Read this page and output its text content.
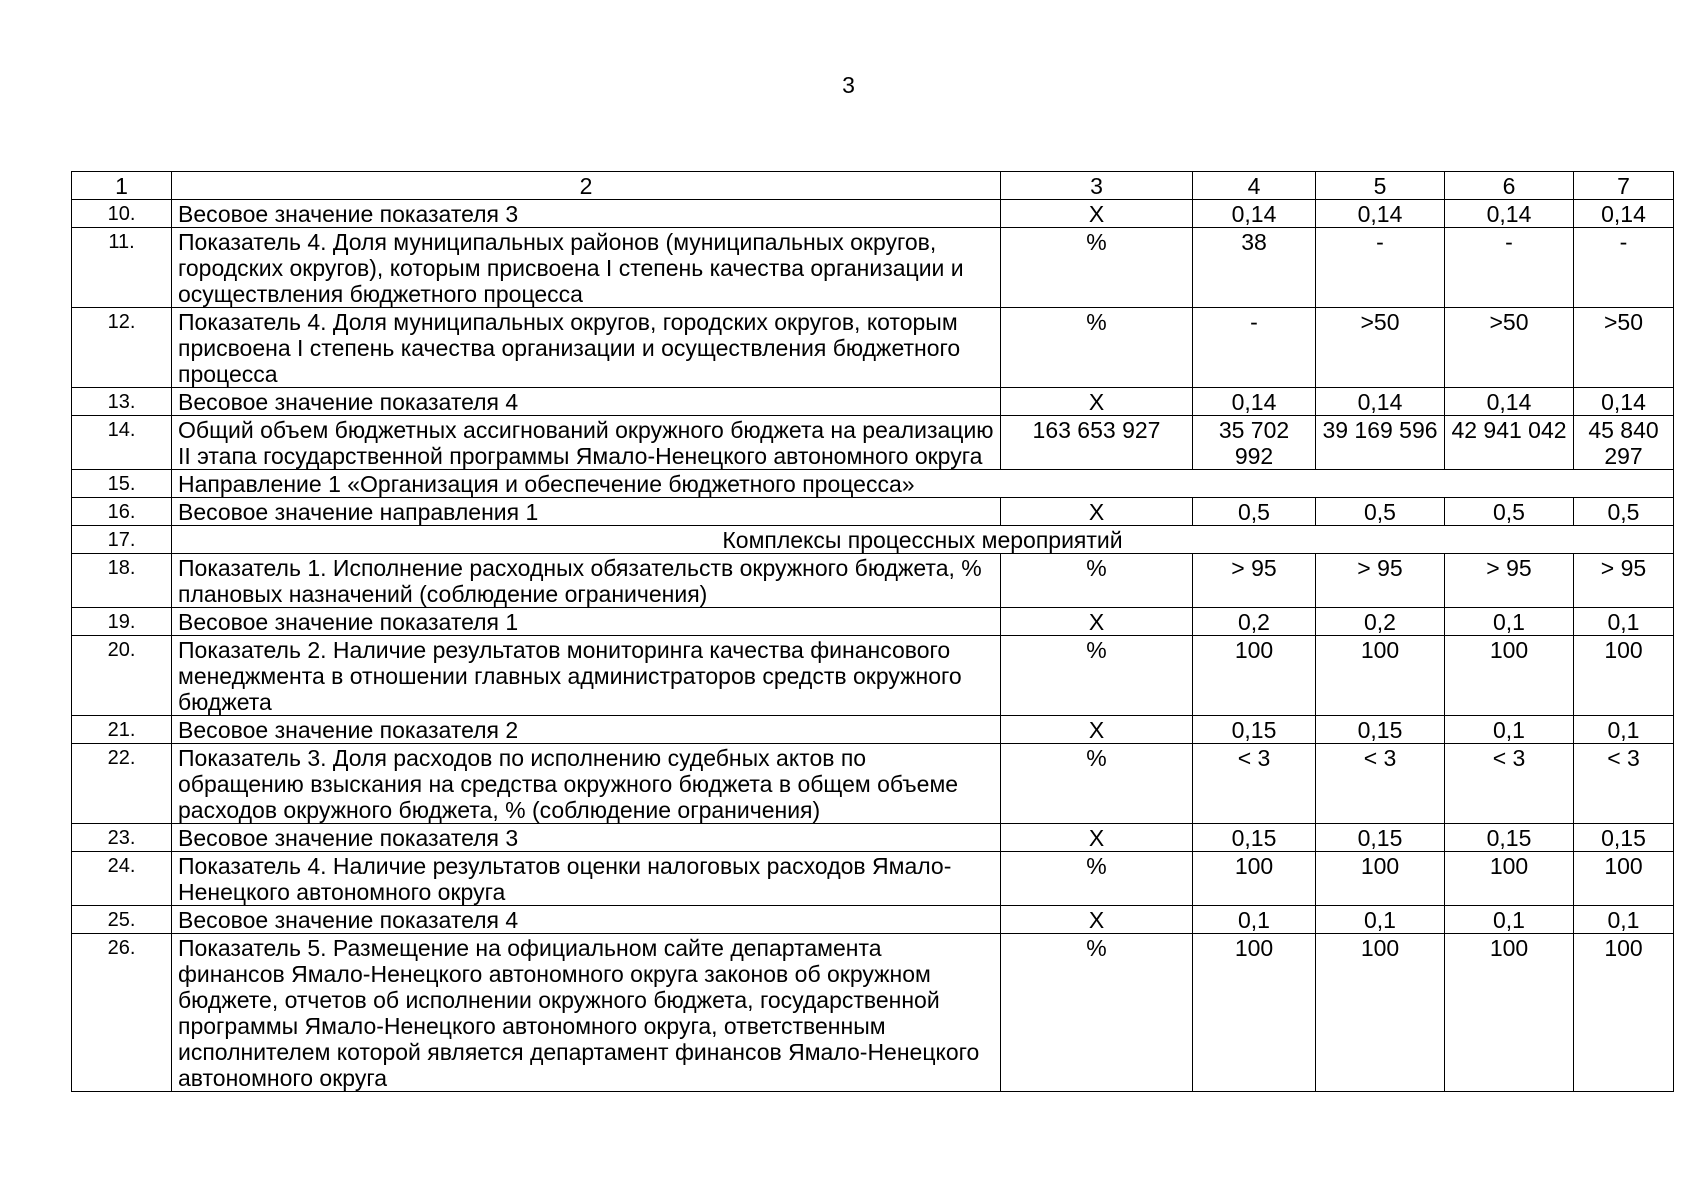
3
1	2	3	4	5	6	7
10.	Весовое значение показателя 3	X	0,14	0,14	0,14	0,14
11.	Показатель 4. Доля муниципальных районов (муниципальных округов, городских округов), которым присвоена I степень качества организации и осуществления бюджетного процесса	%	38	-	-	-
12.	Показатель 4. Доля муниципальных округов, городских округов, которым присвоена I степень качества организации и осуществления бюджетного процесса	%	-	>50	>50	>50
13.	Весовое значение показателя 4	X	0,14	0,14	0,14	0,14
14.	Общий объем бюджетных ассигнований окружного бюджета на реализацию II этапа государственной программы Ямало-Ненецкого автономного округа	163 653 927	35 702 992	39 169 596	42 941 042	45 840 297
15.	Направление 1 «Организация и обеспечение бюджетного процесса»					
16.	Весовое значение направления 1	X	0,5	0,5	0,5	0,5
17.	Комплексы процессных мероприятий					
18.	Показатель 1. Исполнение расходных обязательств окружного бюджета, % плановых назначений (соблюдение ограничения)	%	> 95	> 95	> 95	> 95
19.	Весовое значение показателя 1	X	0,2	0,2	0,1	0,1
20.	Показатель 2. Наличие результатов мониторинга качества финансового менеджмента в отношении главных администраторов средств окружного бюджета	%	100	100	100	100
21.	Весовое значение показателя 2	X	0,15	0,15	0,1	0,1
22.	Показатель 3. Доля расходов по исполнению судебных актов по обращению взыскания на средства окружного бюджета в общем объеме расходов окружного бюджета, % (соблюдение ограничения)	%	< 3	< 3	< 3	< 3
23.	Весовое значение показателя 3	X	0,15	0,15	0,15	0,15
24.	Показатель 4. Наличие результатов оценки налоговых расходов Ямало-Ненецкого автономного округа	%	100	100	100	100
25.	Весовое значение показателя 4	X	0,1	0,1	0,1	0,1
26.	Показатель 5. Размещение на официальном сайте департамента финансов Ямало-Ненецкого автономного округа законов об окружном бюджете, отчетов об исполнении окружного бюджета, государственной программы Ямало-Ненецкого автономного округа, ответственным исполнителем которой является департамент финансов Ямало-Ненецкого автономного округа	%	100	100	100	100
